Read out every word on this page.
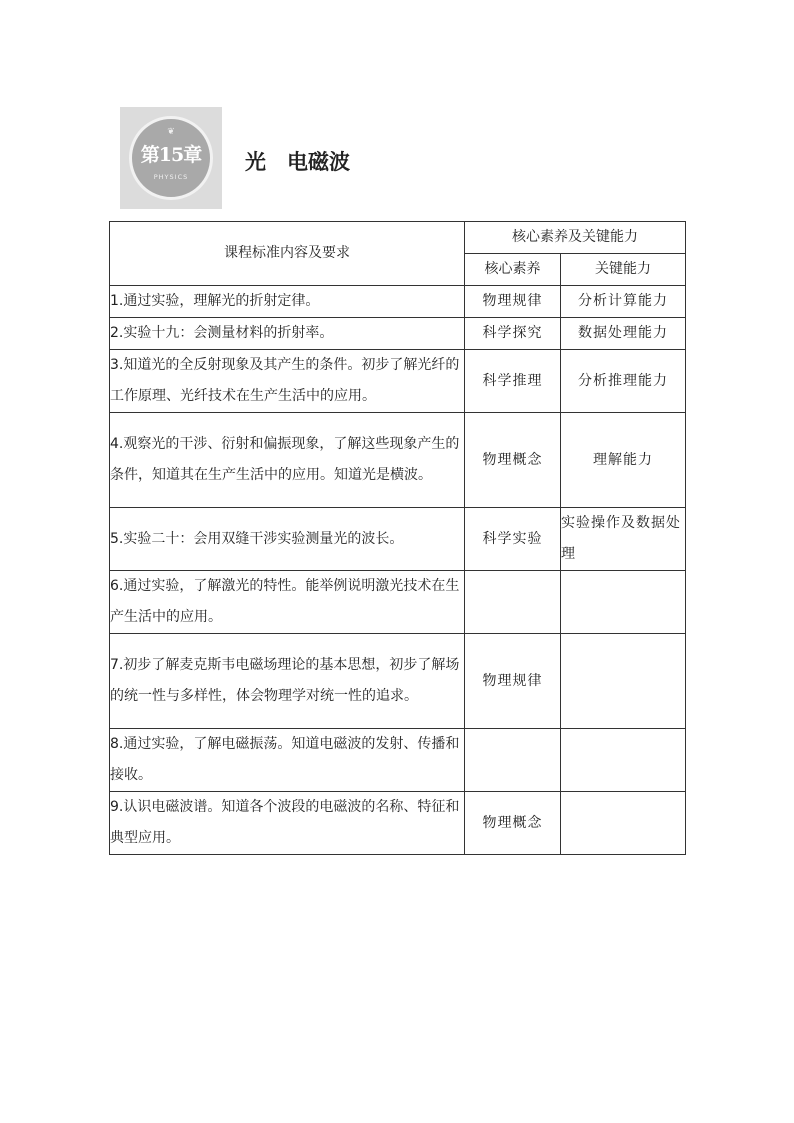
❦
第15章
PHYSICS
光　电磁波
课程标准内容及要求	核心素养及关键能力	
	核心素养	关键能力
1.通过实验，理解光的折射定律。	物理规律	分析计算能力
2.实验十九：会测量材料的折射率。	科学探究	数据处理能力
3.知道光的全反射现象及其产生的条件。初步了解光纤的工作原理、光纤技术在生产生活中的应用。	科学推理	分析推理能力
4.观察光的干涉、衍射和偏振现象，了解这些现象产生的条件，知道其在生产生活中的应用。知道光是横波。	物理概念	理解能力
5.实验二十：会用双缝干涉实验测量光的波长。	科学实验	实验操作及数据处理
6.通过实验，了解激光的特性。能举例说明激光技术在生产生活中的应用。		
7.初步了解麦克斯韦电磁场理论的基本思想，初步了解场的统一性与多样性，体会物理学对统一性的追求。	物理规律	
8.通过实验，了解电磁振荡。知道电磁波的发射、传播和接收。		
9.认识电磁波谱。知道各个波段的电磁波的名称、特征和典型应用。	物理概念	
